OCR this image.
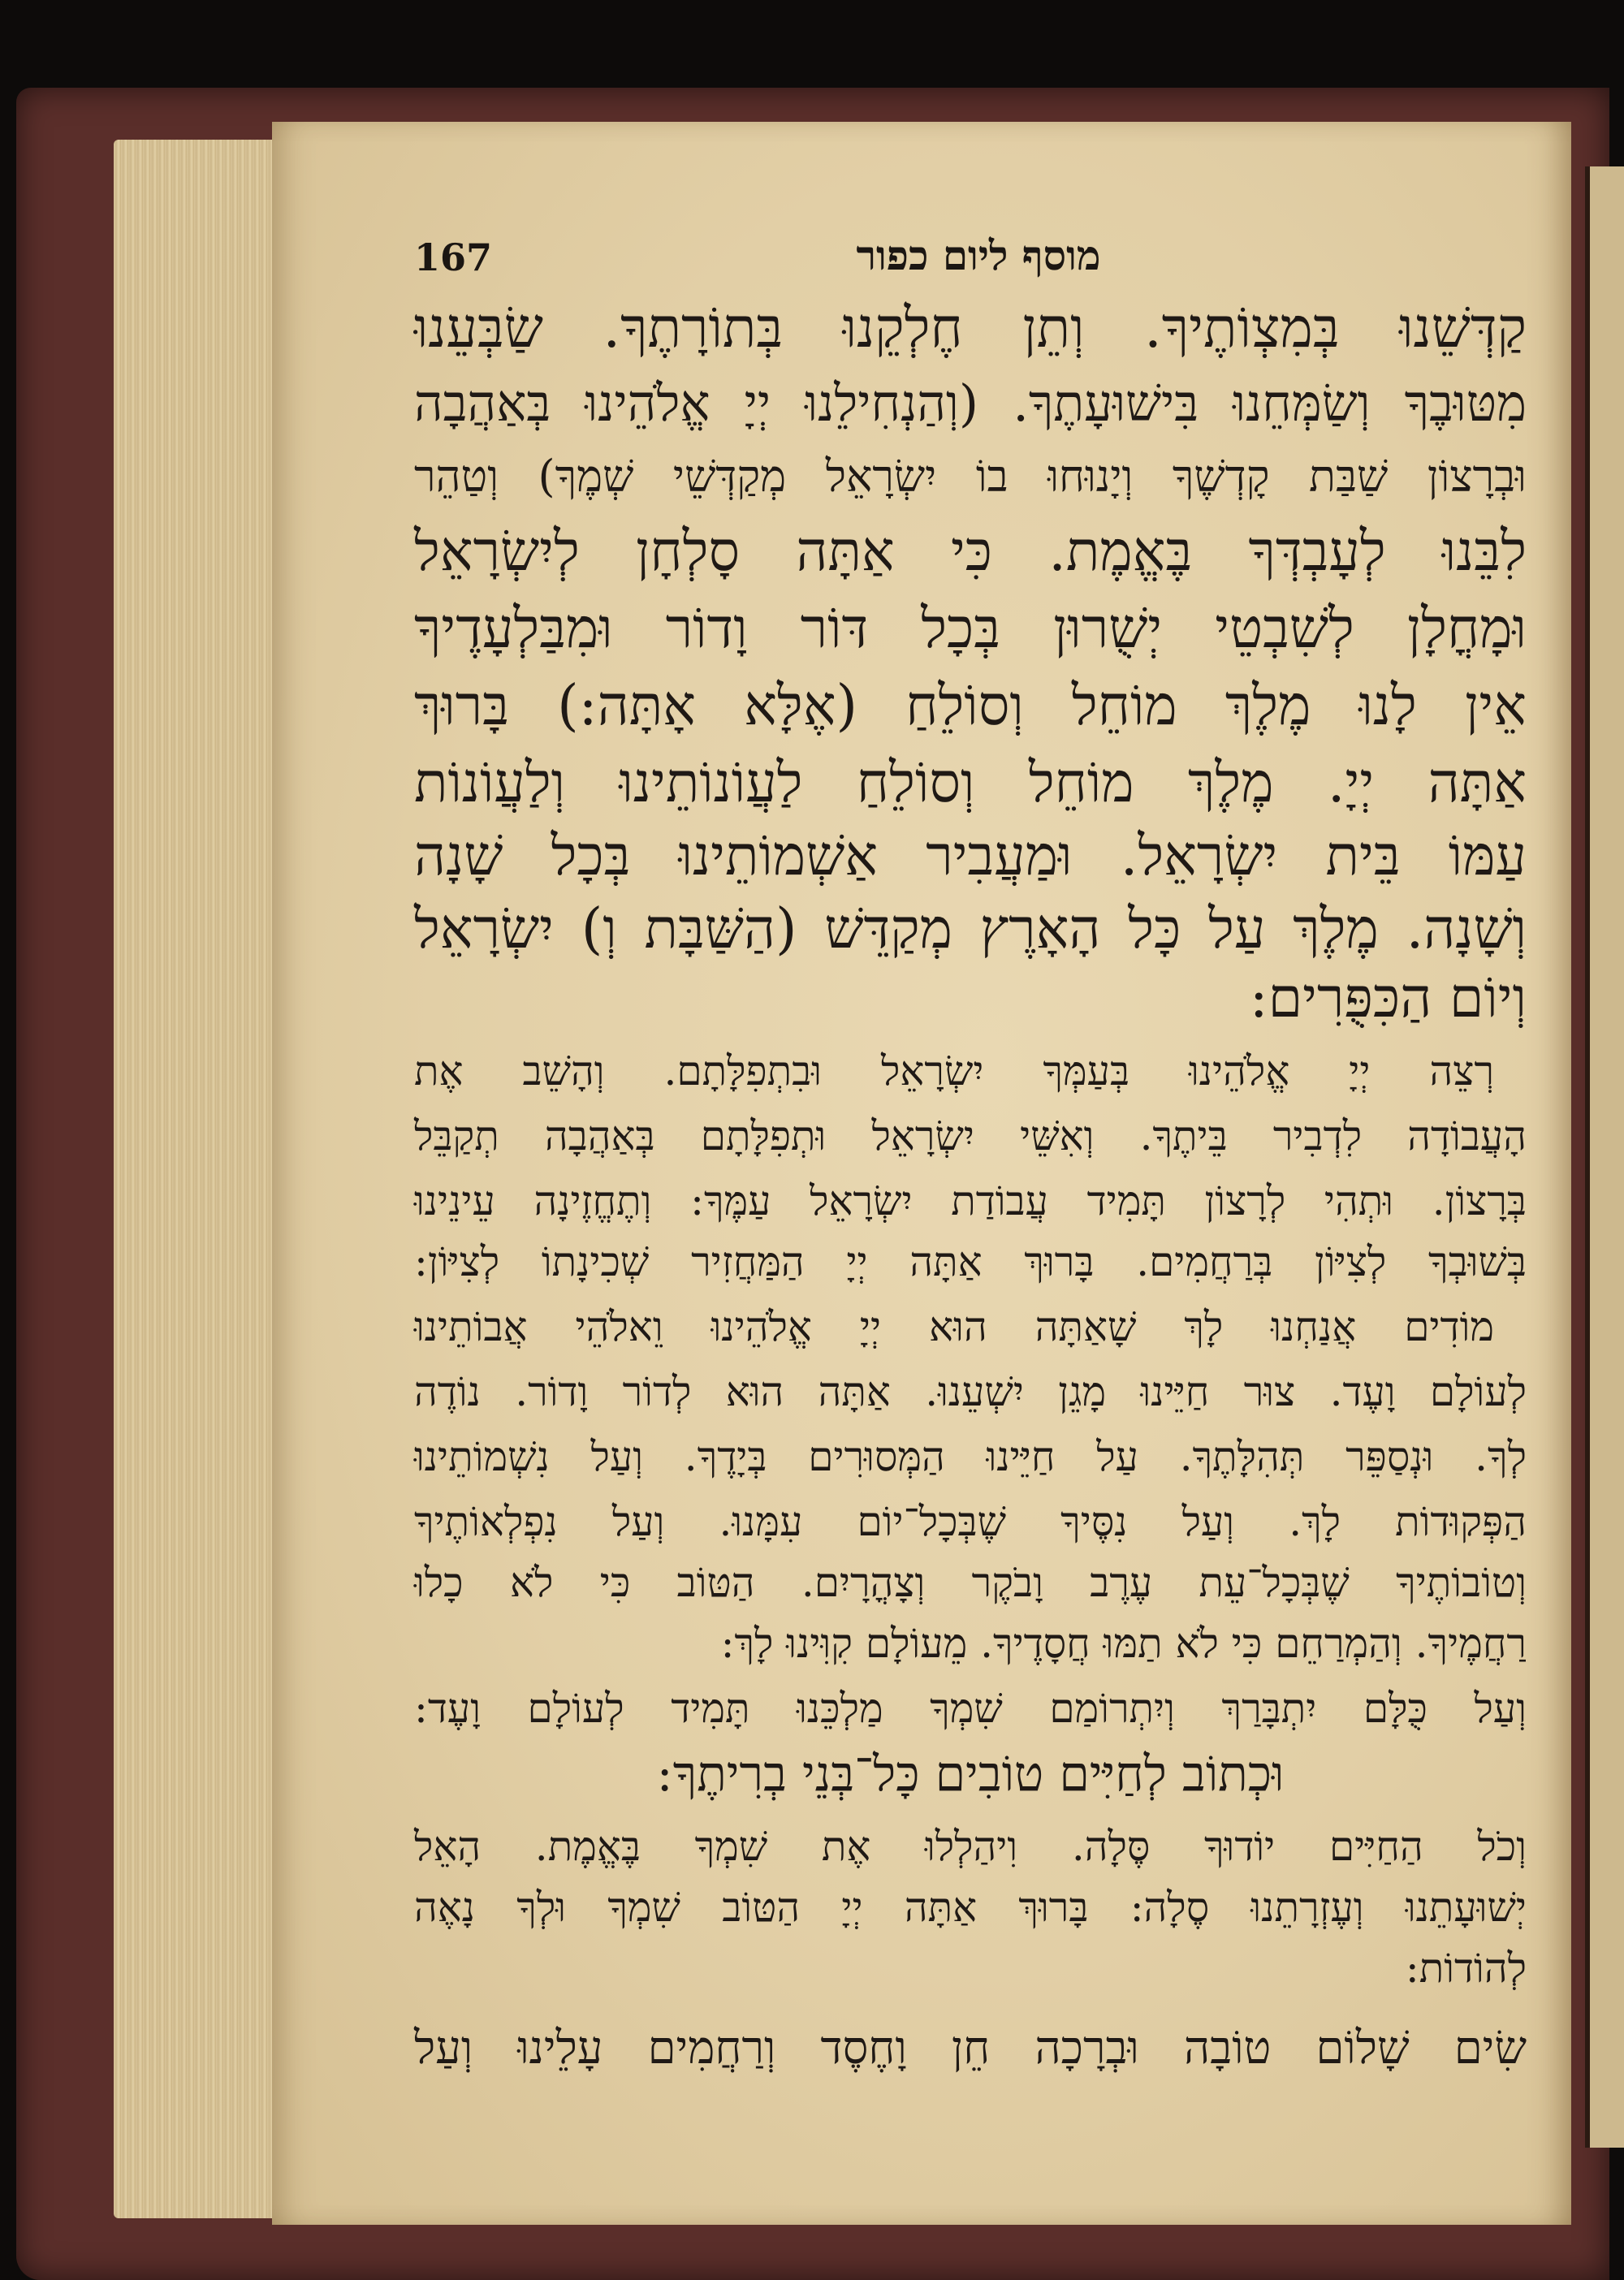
167	מוסף ליום כפור
קַדְּשֵׁנוּ בְּמִצְוֹתֶיךָ. וְתֵן חֶלְקֵנוּ בְּתוֹרָתֶךָ. שַׂבְּעֵנוּ
מִטּוּבֶךָ וְשַׂמְּחֵנוּ בִּישׁוּעָתֶךָ. (וְהַנְחִילֵנוּ יְיָ אֱלֹהֵינוּ בְּאַהֲבָה
וּבְרָצוֹן שַׁבַּת קָדְשֶׁךָ וְיָנוּחוּ בוֹ יִשְׂרָאֵל מְקַדְּשֵׁי שְׁמֶךָ) וְטַהֵר
לִבֵּנוּ לְעָבְדְּךָ בֶּאֱמֶת. כִּי אַתָּה סָלְחָן לְיִשְׂרָאֵל
וּמָחֳלָן לְשִׁבְטֵי יְשֻׁרוּן בְּכָל דּוֹר וָדוֹר וּמִבַּלְעָדֶיךָ
אֵין לָנוּ מֶלֶךְ מוֹחֵל וְסוֹלֵחַ (אֶלָּא אָתָּה:) בָּרוּךְ
אַתָּה יְיָ. מֶלֶךְ מוֹחֵל וְסוֹלֵחַ לַעֲוֹנוֹתֵינוּ וְלַעֲוֹנוֹת
עַמּוֹ בֵּית יִשְׂרָאֵל. וּמַעֲבִיר אַשְׁמוֹתֵינוּ בְּכָל שָׁנָה
וְשָׁנָה. מֶלֶךְ עַל כָּל הָאָרֶץ מְקַדֵּשׁ (הַשַּׁבָּת וְ) יִשְׂרָאֵל
וְיוֹם הַכִּפֻּרִים:
רְצֵה יְיָ אֱלֹהֵינוּ בְּעַמְּךָ יִשְׂרָאֵל וּבִתְפִלָּתָם. וְהָשֵׁב אֶת
הָעֲבוֹדָה לִדְבִיר בֵּיתֶךָ. וְאִשֵּׁי יִשְׂרָאֵל וּתְפִלָּתָם בְּאַהֲבָה תְקַבֵּל
בְּרָצוֹן. וּתְהִי לְרָצוֹן תָּמִיד עֲבוֹדַת יִשְׂרָאֵל עַמֶּךָ: וְתֶחֱזֶינָה עֵינֵינוּ
בְּשׁוּבְךָ לְצִיּוֹן בְּרַחֲמִים. בָּרוּךְ אַתָּה יְיָ הַמַּחֲזִיר שְׁכִינָתוֹ לְצִיּוֹן:
מוֹדִים אֲנַחְנוּ לָךְ שָׁאַתָּה הוּא יְיָ אֱלֹהֵינוּ וֵאלֹהֵי אֲבוֹתֵינוּ
לְעוֹלָם וָעֶד. צוּר חַיֵּינוּ מָגֵן יִשְׁעֵנוּ. אַתָּה הוּא לְדוֹר וָדוֹר. נוֹדֶה
לְךָ. וּנְסַפֵּר תְּהִלָּתֶךָ. עַל חַיֵּינוּ הַמְּסוּרִים בְּיָדֶךָ. וְעַל נִשְׁמוֹתֵינוּ
הַפְּקוּדוֹת לָךְ. וְעַל נִסֶּיךָ שֶׁבְּכָל־יוֹם עִמָּנוּ. וְעַל נִפְלְאוֹתֶיךָ
וְטוֹבוֹתֶיךָ שֶׁבְּכָל־עֵת עֶרֶב וָבֹקֶר וְצָהֳרָיִם. הַטּוֹב כִּי לֹא כָלוּ
רַחֲמֶיךָ. וְהַמְרַחֵם כִּי לֹא תַמּוּ חֲסָדֶיךָ. מֵעוֹלָם קִוִּינוּ לָךְ:
וְעַל כֻּלָּם יִתְבָּרַךְ וְיִתְרוֹמַם שִׁמְךָ מַלְכֵּנוּ תָּמִיד לְעוֹלָם וָעֶד:
וּכְתוֹב לְחַיִּים טוֹבִים כָּל־בְּנֵי בְרִיתֶךָ:
וְכֹל הַחַיִּים יוֹדוּךָ סֶּלָה. וִיהַלְלוּ אֶת שִׁמְךָ בֶּאֱמֶת. הָאֵל
יְשׁוּעָתֵנוּ וְעֶזְרָתֵנוּ סֶלָה: בָּרוּךְ אַתָּה יְיָ הַטּוֹב שִׁמְךָ וּלְךָ נָאֶה
לְהוֹדוֹת:
שִׂים שָׁלוֹם טוֹבָה וּבְרָכָה חֵן וָחֶסֶד וְרַחֲמִים עָלֵינוּ וְעַל
